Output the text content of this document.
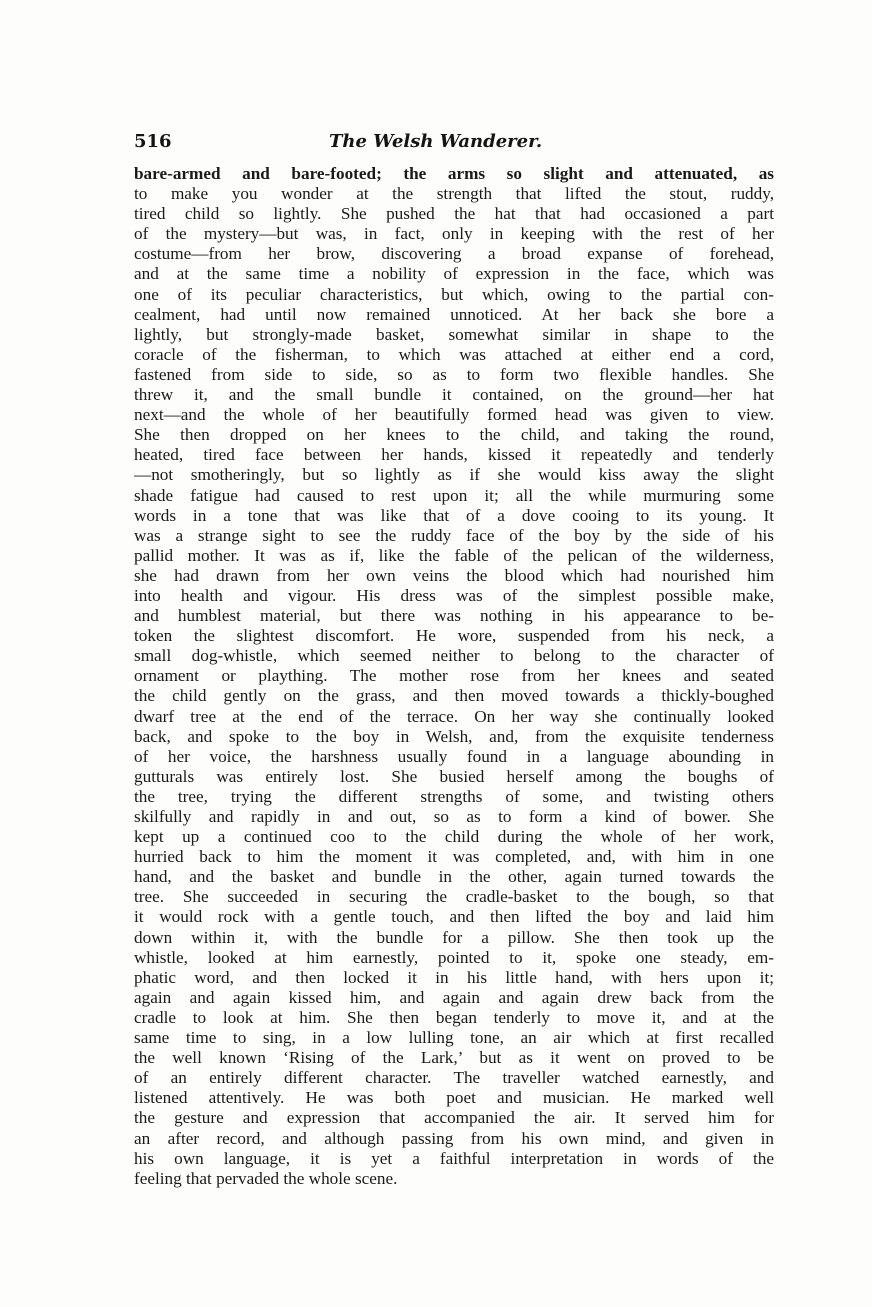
516	The Welsh Wanderer.
bare-armed and bare-footed; the arms so slight and attenuated, as
to make you wonder at the strength that lifted the stout, ruddy,
tired child so lightly. She pushed the hat that had occasioned a part
of the mystery—but was, in fact, only in keeping with the rest of her
costume—from her brow, discovering a broad expanse of forehead,
and at the same time a nobility of expression in the face, which was
one of its peculiar characteristics, but which, owing to the partial con-
cealment, had until now remained unnoticed. At her back she bore a
lightly, but strongly-made basket, somewhat similar in shape to the
coracle of the fisherman, to which was attached at either end a cord,
fastened from side to side, so as to form two flexible handles. She
threw it, and the small bundle it contained, on the ground—her hat
next—and the whole of her beautifully formed head was given to view.
She then dropped on her knees to the child, and taking the round,
heated, tired face between her hands, kissed it repeatedly and tenderly
—not smotheringly, but so lightly as if she would kiss away the slight
shade fatigue had caused to rest upon it; all the while murmuring some
words in a tone that was like that of a dove cooing to its young. It
was a strange sight to see the ruddy face of the boy by the side of his
pallid mother. It was as if, like the fable of the pelican of the wilderness,
she had drawn from her own veins the blood which had nourished him
into health and vigour. His dress was of the simplest possible make,
and humblest material, but there was nothing in his appearance to be-
token the slightest discomfort. He wore, suspended from his neck, a
small dog-whistle, which seemed neither to belong to the character of
ornament or plaything. The mother rose from her knees and seated
the child gently on the grass, and then moved towards a thickly-boughed
dwarf tree at the end of the terrace. On her way she continually looked
back, and spoke to the boy in Welsh, and, from the exquisite tenderness
of her voice, the harshness usually found in a language abounding in
gutturals was entirely lost. She busied herself among the boughs of
the tree, trying the different strengths of some, and twisting others
skilfully and rapidly in and out, so as to form a kind of bower. She
kept up a continued coo to the child during the whole of her work,
hurried back to him the moment it was completed, and, with him in one
hand, and the basket and bundle in the other, again turned towards the
tree. She succeeded in securing the cradle-basket to the bough, so that
it would rock with a gentle touch, and then lifted the boy and laid him
down within it, with the bundle for a pillow. She then took up the
whistle, looked at him earnestly, pointed to it, spoke one steady, em-
phatic word, and then locked it in his little hand, with hers upon it;
again and again kissed him, and again and again drew back from the
cradle to look at him. She then began tenderly to move it, and at the
same time to sing, in a low lulling tone, an air which at first recalled
the well known ‘Rising of the Lark,’ but as it went on proved to be
of an entirely different character. The traveller watched earnestly, and
listened attentively. He was both poet and musician. He marked well
the gesture and expression that accompanied the air. It served him for
an after record, and although passing from his own mind, and given in
his own language, it is yet a faithful interpretation in words of the
feeling that pervaded the whole scene.
